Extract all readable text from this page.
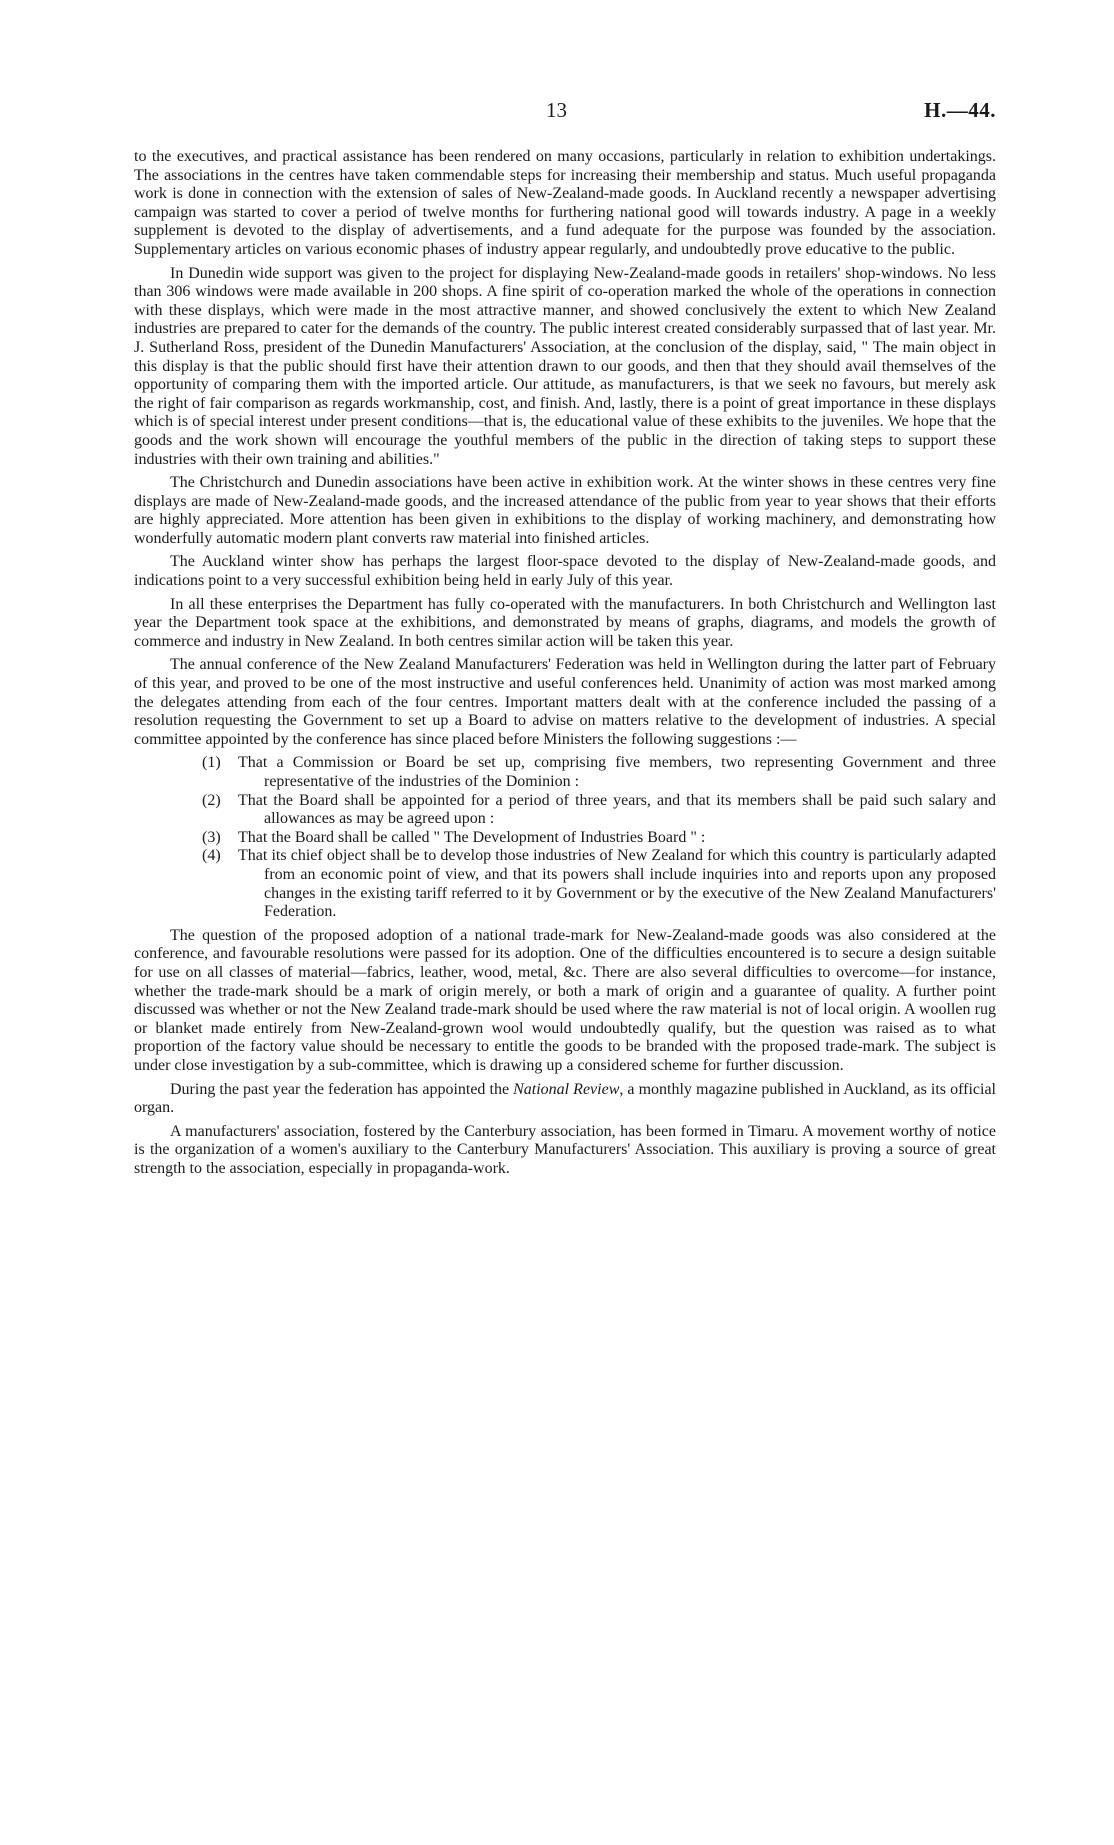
13	H.—44.

to the executives, and practical assistance has been rendered on many occasions, particularly in relation to exhibition undertakings. The associations in the centres have taken commendable steps for increasing their membership and status. Much useful propaganda work is done in connection with the extension of sales of New-Zealand-made goods. In Auckland recently a newspaper advertising campaign was started to cover a period of twelve months for furthering national good will towards industry. A page in a weekly supplement is devoted to the display of advertisements, and a fund adequate for the purpose was founded by the association. Supplementary articles on various economic phases of industry appear regularly, and undoubtedly prove educative to the public.

In Dunedin wide support was given to the project for displaying New-Zealand-made goods in retailers' shop-windows. No less than 306 windows were made available in 200 shops. A fine spirit of co-operation marked the whole of the operations in connection with these displays, which were made in the most attractive manner, and showed conclusively the extent to which New Zealand industries are prepared to cater for the demands of the country. The public interest created considerably surpassed that of last year. Mr. J. Sutherland Ross, president of the Dunedin Manufacturers' Association, at the conclusion of the display, said, " The main object in this display is that the public should first have their attention drawn to our goods, and then that they should avail themselves of the opportunity of comparing them with the imported article. Our attitude, as manufacturers, is that we seek no favours, but merely ask the right of fair comparison as regards workmanship, cost, and finish. And, lastly, there is a point of great importance in these displays which is of special interest under present conditions—that is, the educational value of these exhibits to the juveniles. We hope that the goods and the work shown will encourage the youthful members of the public in the direction of taking steps to support these industries with their own training and abilities."

The Christchurch and Dunedin associations have been active in exhibition work. At the winter shows in these centres very fine displays are made of New-Zealand-made goods, and the increased attendance of the public from year to year shows that their efforts are highly appreciated. More attention has been given in exhibitions to the display of working machinery, and demonstrating how wonderfully automatic modern plant converts raw material into finished articles.

The Auckland winter show has perhaps the largest floor-space devoted to the display of New-Zealand-made goods, and indications point to a very successful exhibition being held in early July of this year.

In all these enterprises the Department has fully co-operated with the manufacturers. In both Christchurch and Wellington last year the Department took space at the exhibitions, and demonstrated by means of graphs, diagrams, and models the growth of commerce and industry in New Zealand. In both centres similar action will be taken this year.

The annual conference of the New Zealand Manufacturers' Federation was held in Wellington during the latter part of February of this year, and proved to be one of the most instructive and useful conferences held. Unanimity of action was most marked among the delegates attending from each of the four centres. Important matters dealt with at the conference included the passing of a resolution requesting the Government to set up a Board to advise on matters relative to the development of industries. A special committee appointed by the conference has since placed before Ministers the following suggestions :—

(1) That a Commission or Board be set up, comprising five members, two representing Government and three representative of the industries of the Dominion :
(2) That the Board shall be appointed for a period of three years, and that its members shall be paid such salary and allowances as may be agreed upon :
(3) That the Board shall be called " The Development of Industries Board " :
(4) That its chief object shall be to develop those industries of New Zealand for which this country is particularly adapted from an economic point of view, and that its powers shall include inquiries into and reports upon any proposed changes in the existing tariff referred to it by Government or by the executive of the New Zealand Manufacturers' Federation.

The question of the proposed adoption of a national trade-mark for New-Zealand-made goods was also considered at the conference, and favourable resolutions were passed for its adoption. One of the difficulties encountered is to secure a design suitable for use on all classes of material—fabrics, leather, wood, metal, &c. There are also several difficulties to overcome—for instance, whether the trade-mark should be a mark of origin merely, or both a mark of origin and a guarantee of quality. A further point discussed was whether or not the New Zealand trade-mark should be used where the raw material is not of local origin. A woollen rug or blanket made entirely from New-Zealand-grown wool would undoubtedly qualify, but the question was raised as to what proportion of the factory value should be necessary to entitle the goods to be branded with the proposed trade-mark. The subject is under close investigation by a sub-committee, which is drawing up a considered scheme for further discussion.

During the past year the federation has appointed the National Review, a monthly magazine published in Auckland, as its official organ.

A manufacturers' association, fostered by the Canterbury association, has been formed in Timaru. A movement worthy of notice is the organization of a women's auxiliary to the Canterbury Manufacturers' Association. This auxiliary is proving a source of great strength to the association, especially in propaganda-work.
